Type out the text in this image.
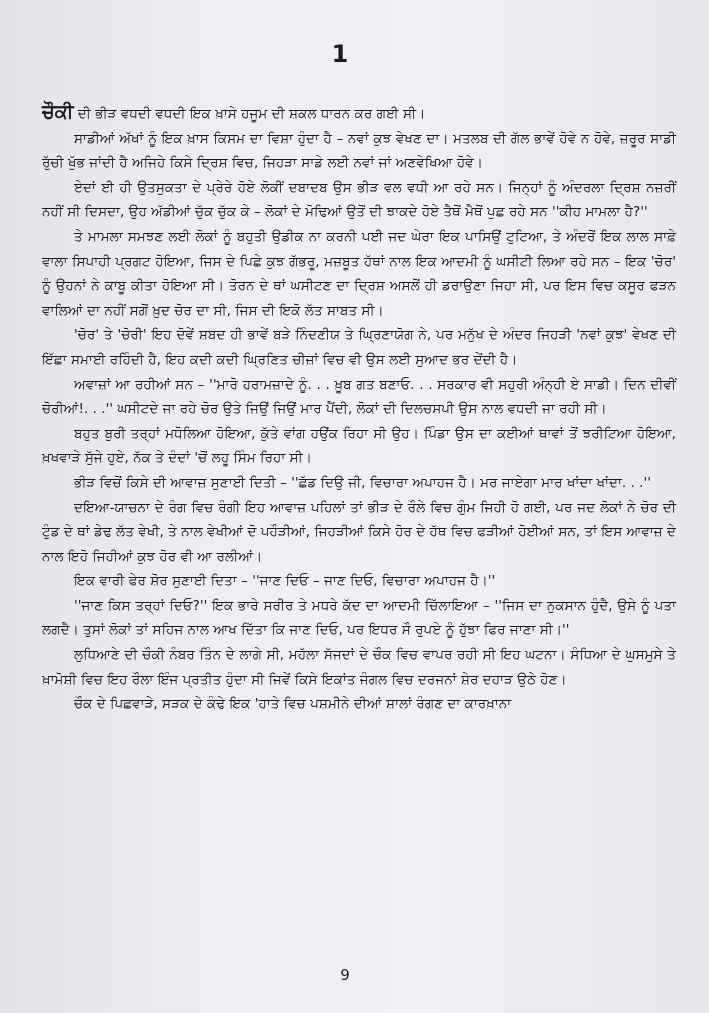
1

ਚੌਕੀ ਦੀ ਭੀੜ ਵਧਦੀ ਵਧਦੀ ਇਕ ਖ਼ਾਸੇ ਹਜੂਮ ਦੀ ਸ਼ਕਲ ਧਾਰਨ ਕਰ ਗਈ ਸੀ।

ਸਾਡੀਆਂ ਅੱਖਾਂ ਨੂੰ ਇਕ ਖ਼ਾਸ ਕਿਸਮ ਦਾ ਵਿਸ਼ਾ ਹੁੰਦਾ ਹੈ – ਨਵਾਂ ਕੁਝ ਵੇਖਣ ਦਾ। ਮਤਲਬ ਦੀ ਗੱਲ ਭਾਵੇਂ ਹੋਵੇ ਨ ਹੋਵੇ, ਜ਼ਰੂਰ ਸਾਡੀ ਰੁੱਚੀ ਖੁੱਭ ਜਾਂਦੀ ਹੈ ਅਜਿਹੇ ਕਿਸੇ ਦ੍ਰਿਸ਼ ਵਿਚ, ਜਿਹੜਾ ਸਾਡੇ ਲਈ ਨਵਾਂ ਜਾਂ ਅਣਵੇਖਿਆ ਹੋਵੇ।

ਏਦਾਂ ਈ ਹੀ ਉਤਸੁਕਤਾ ਦੇ ਪ੍ਰੇਰੇ ਹੋਏ ਲੋਕੀਂ ਦਬਾਦਬ ਉਸ ਭੀੜ ਵਲ ਵਧੀ ਆ ਰਹੇ ਸਨ। ਜਿਨ੍ਹਾਂ ਨੂੰ ਅੰਦਰਲਾ ਦ੍ਰਿਸ਼ ਨਜ਼ਰੀਂ ਨਹੀਂ ਸੀ ਦਿਸਦਾ, ਉਹ ਅੱਡੀਆਂ ਚੁੱਕ ਚੁੱਕ ਕੇ – ਲੋਕਾਂ ਦੇ ਮੋਢਿਆਂ ਉਤੋਂ ਦੀ ਝਾਕਦੇ ਹੋਏ ਤੈਥੋਂ ਮੈਥੋਂ ਪੁਛ ਰਹੇ ਸਨ ''ਕੀਹ ਮਾਮਲਾ ਹੈ?''

ਤੇ ਮਾਮਲਾ ਸਮਝਣ ਲਈ ਲੋਕਾਂ ਨੂੰ ਬਹੁਤੀ ਉਡੀਕ ਨਾ ਕਰਨੀ ਪਈ ਜਦ ਘੇਰਾ ਇਕ ਪਾਸਿਉਂ ਟੁਟਿਆ, ਤੇ ਅੰਦਰੋਂ ਇਕ ਲਾਲ ਸਾਫ਼ੇ ਵਾਲਾ ਸਿਪਾਹੀ ਪ੍ਰਗਟ ਹੋਇਆ, ਜਿਸ ਦੇ ਪਿਛੇ ਕੁਝ ਗੱਭਰੂ, ਮਜ਼ਬੂਤ ਹੱਥਾਂ ਨਾਲ ਇਕ ਆਦਮੀ ਨੂੰ ਘਸੀਟੀ ਲਿਆ ਰਹੇ ਸਨ – ਇਕ 'ਚੋਰ' ਨੂੰ ਉਹਨਾਂ ਨੇ ਕਾਬੂ ਕੀਤਾ ਹੋਇਆ ਸੀ। ਤੋਰਨ ਦੇ ਥਾਂ ਘਸੀਟਣ ਦਾ ਦ੍ਰਿਸ਼ ਅਸਲੋਂ ਹੀ ਡਰਾਉਣਾ ਜਿਹਾ ਸੀ, ਪਰ ਇਸ ਵਿਚ ਕਸੂਰ ਫੜਨ ਵਾਲਿਆਂ ਦਾ ਨਹੀਂ ਸਗੋਂ ਖ਼ੁਦ ਚੋਰ ਦਾ ਸੀ, ਜਿਸ ਦੀ ਇਕੋ ਲੱਤ ਸਾਬਤ ਸੀ।

'ਚੋਰ' ਤੇ 'ਚੋਰੀ' ਇਹ ਦੋਵੇਂ ਸ਼ਬਦ ਹੀ ਭਾਵੇਂ ਬੜੇ ਨਿੰਦਣੀਯ ਤੇ ਘ੍ਰਿਣਾਯੋਗ ਨੇ, ਪਰ ਮਨੁੱਖ ਦੇ ਅੰਦਰ ਜਿਹੜੀ 'ਨਵਾਂ ਕੁਝ' ਵੇਖਣ ਦੀ ਇੱਛਾ ਸਮਾਈ ਰਹਿੰਦੀ ਹੈ, ਇਹ ਕਦੀ ਕਦੀ ਘ੍ਰਿਣਿਤ ਚੀਜ਼ਾਂ ਵਿਚ ਵੀ ਉਸ ਲਈ ਸੁਆਦ ਭਰ ਦੇਂਦੀ ਹੈ।

ਅਵਾਜ਼ਾਂ ਆ ਰਹੀਆਂ ਸਨ – ''ਮਾਰੋ ਹਰਾਮਜ਼ਾਦੇ ਨੂੰ. . . ਖ਼ੂਬ ਗਤ ਬਣਾਓ. . . ਸਰਕਾਰ ਵੀ ਸਹੁਰੀ ਅੰਨ੍ਹੀ ਏ ਸਾਡੀ। ਦਿਨ ਦੀਵੀਂ ਚੋਰੀਆਂ!. . .'' ਘਸੀਟਦੇ ਜਾ ਰਹੇ ਚੋਰ ਉਤੇ ਜਿਉਂ ਜਿਉਂ ਮਾਰ ਪੈਂਦੀ, ਲੋਕਾਂ ਦੀ ਦਿਲਚਸਪੀ ਉਸ ਨਾਲ ਵਧਦੀ ਜਾ ਰਹੀ ਸੀ।

ਬਹੁਤ ਬੁਰੀ ਤਰ੍ਹਾਂ ਮਧੋਲਿਆ ਹੋਇਆ, ਕੁੱਤੇ ਵਾਂਗ ਹਉਂਕ ਰਿਹਾ ਸੀ ਉਹ। ਪਿੰਡਾ ਉਸ ਦਾ ਕਈਆਂ ਥਾਵਾਂ ਤੋਂ ਝਰੀਟਿਆ ਹੋਇਆ, ਖ਼ਖਵਾੜੇ ਸੁੱਜੇ ਹੁਏ, ਨੱਕ ਤੇ ਦੰਦਾਂ 'ਚੋਂ ਲਹੂ ਸਿੰਮ ਰਿਹਾ ਸੀ।

ਭੀੜ ਵਿਚੋਂ ਕਿਸੇ ਦੀ ਆਵਾਜ਼ ਸੁਣਾਈ ਦਿਤੀ – ''ਛੱਡ ਦਿਉ ਜੀ, ਵਿਚਾਰਾ ਅਪਾਹਜ ਹੈ। ਮਰ ਜਾਏਗਾ ਮਾਰ ਖਾਂਦਾ ਖਾਂਦਾ. . .''

ਦਇਆ-ਯਾਚਨਾ ਦੇ ਰੰਗ ਵਿਚ ਰੰਗੀ ਇਹ ਆਵਾਜ਼ ਪਹਿਲਾਂ ਤਾਂ ਭੀੜ ਦੇ ਰੌਲੇ ਵਿਚ ਗੁੰਮ ਜਿਹੀ ਹੋ ਗਈ, ਪਰ ਜਦ ਲੋਕਾਂ ਨੇ ਚੋਰ ਦੀ ਟੁੰਡ ਦੇ ਥਾਂ ਡੇਢ ਲੱਤ ਵੇਖੀ, ਤੇ ਨਾਲ ਵੇਖੀਆਂ ਦੋ ਪਹੌੜੀਆਂ, ਜਿਹੜੀਆਂ ਕਿਸੇ ਹੋਰ ਦੇ ਹੱਥ ਵਿਚ ਫੜੀਆਂ ਹੋਈਆਂ ਸਨ, ਤਾਂ ਇਸ ਆਵਾਜ਼ ਦੇ ਨਾਲ ਇਹੋ ਜਿਹੀਆਂ ਕੁਝ ਹੋਰ ਵੀ ਆ ਰਲੀਆਂ।

ਇਕ ਵਾਰੀ ਫੇਰ ਸ਼ੋਰ ਸੁਣਾਈ ਦਿਤਾ – ''ਜਾਣ ਦਿਓ – ਜਾਣ ਦਿਓ, ਵਿਚਾਰਾ ਅਪਾਹਜ ਹੈ।''

''ਜਾਣ ਕਿਸ ਤਰ੍ਹਾਂ ਦਿਓ?'' ਇਕ ਭਾਰੇ ਸਰੀਰ ਤੇ ਮਧਰੇ ਕੱਦ ਦਾ ਆਦਮੀ ਚਿੱਲਾਇਆ – ''ਜਿਸ ਦਾ ਨੁਕਸਾਨ ਹੁੰਦੈ, ਉਸੇ ਨੂੰ ਪਤਾ ਲਗਦੈ। ਤੁਸਾਂ ਲੋਕਾਂ ਤਾਂ ਸਹਿਜ ਨਾਲ ਆਖ ਦਿੱਤਾ ਕਿ ਜਾਣ ਦਿਓ, ਪਰ ਇਧਰ ਸੌ ਰੁਪਏ ਨੂੰ ਹੁੱਝਾ ਫਿਰ ਜਾਣਾ ਸੀ।''

ਲੁਧਿਆਣੇ ਦੀ ਚੌਕੀ ਨੰਬਰ ਤਿੰਨ ਦੇ ਲਾਗੇ ਸੀ, ਮਹੱਲਾ ਸੱਜਦਾਂ ਦੇ ਚੌਕ ਵਿਚ ਵਾਪਰ ਰਹੀ ਸੀ ਇਹ ਘਟਨਾ। ਸੰਧਿਆ ਦੇ ਘੁਸਮੁਸੇ ਤੇ ਖ਼ਾਮੋਸ਼ੀ ਵਿਚ ਇਹ ਰੌਲਾ ਇੰਜ ਪ੍ਰਤੀਤ ਹੁੰਦਾ ਸੀ ਜਿਵੇਂ ਕਿਸੇ ਇਕਾਂਤ ਜੰਗਲ ਵਿਚ ਦਰਜਨਾਂ ਸ਼ੇਰ ਦਹਾੜ ਉਠੇ ਹੋਣ।

ਚੌਕ ਦੇ ਪਿਛਵਾੜੇ, ਸੜਕ ਦੇ ਕੰਢੇ ਇਕ 'ਹਾਤੇ ਵਿਚ ਪਸ਼ਮੀਨੇ ਦੀਆਂ ਸ਼ਾਲਾਂ ਰੰਗਣ ਦਾ ਕਾਰਖ਼ਾਨਾ

9
